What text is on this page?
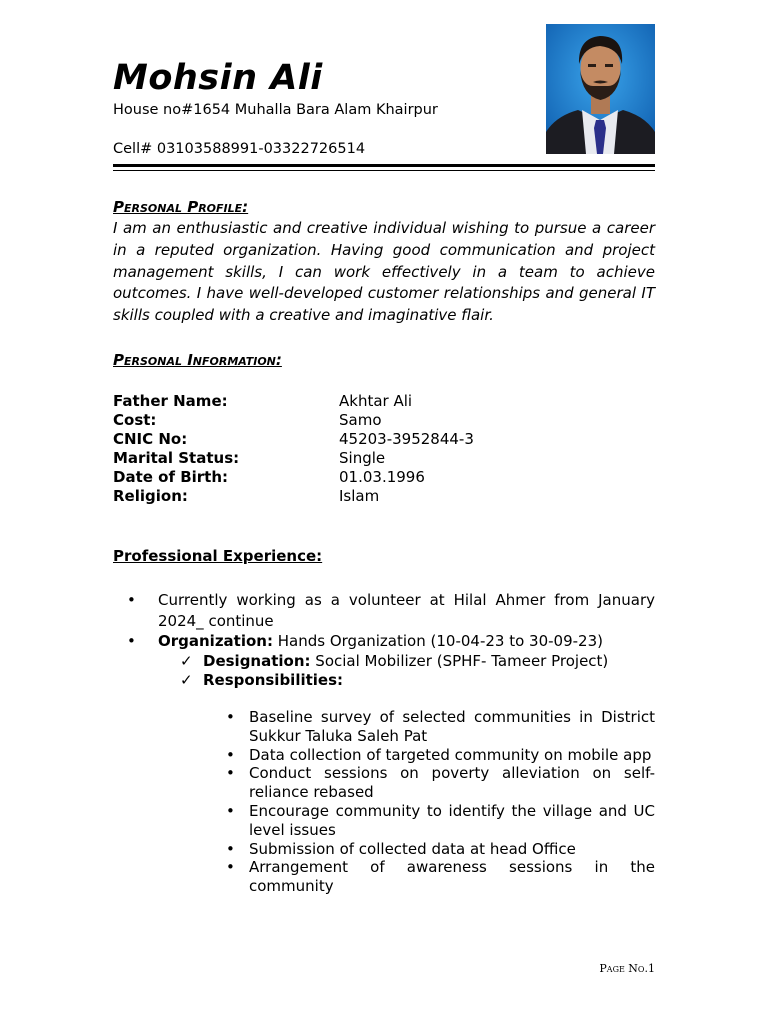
Mohsin Ali
House no#1654 Muhalla Bara Alam Khairpur
Cell# 03103588991-03322726514
Personal Profile:

I am an enthusiastic and creative individual wishing to pursue a career in a reputed organization. Having good communication and project management skills, I can work effectively in a team to achieve outcomes. I have well-developed customer relationships and general IT skills coupled with a creative and imaginative flair.

Personal Information:
Father Name:	Akhtar Ali
Cost:	Samo
CNIC No:	45203-3952844-3
Marital Status:	Single
Date of Birth:	01.03.1996
Religion:	Islam
Professional Experience:
• Currently working as a volunteer at Hilal Ahmer from January 2024_ continue
• Organization: Hands Organization (10-04-23 to 30-09-23)
✓ Designation: Social Mobilizer (SPHF- Tameer Project)
✓ Responsibilities:
• Baseline survey of selected communities in District Sukkur Taluka Saleh Pat
• Data collection of targeted community on mobile app
• Conduct sessions on poverty alleviation on self-reliance rebased
• Encourage community to identify the village and UC level issues
• Submission of collected data at head Office
• Arrangement of awareness sessions in the community
Page No.1
